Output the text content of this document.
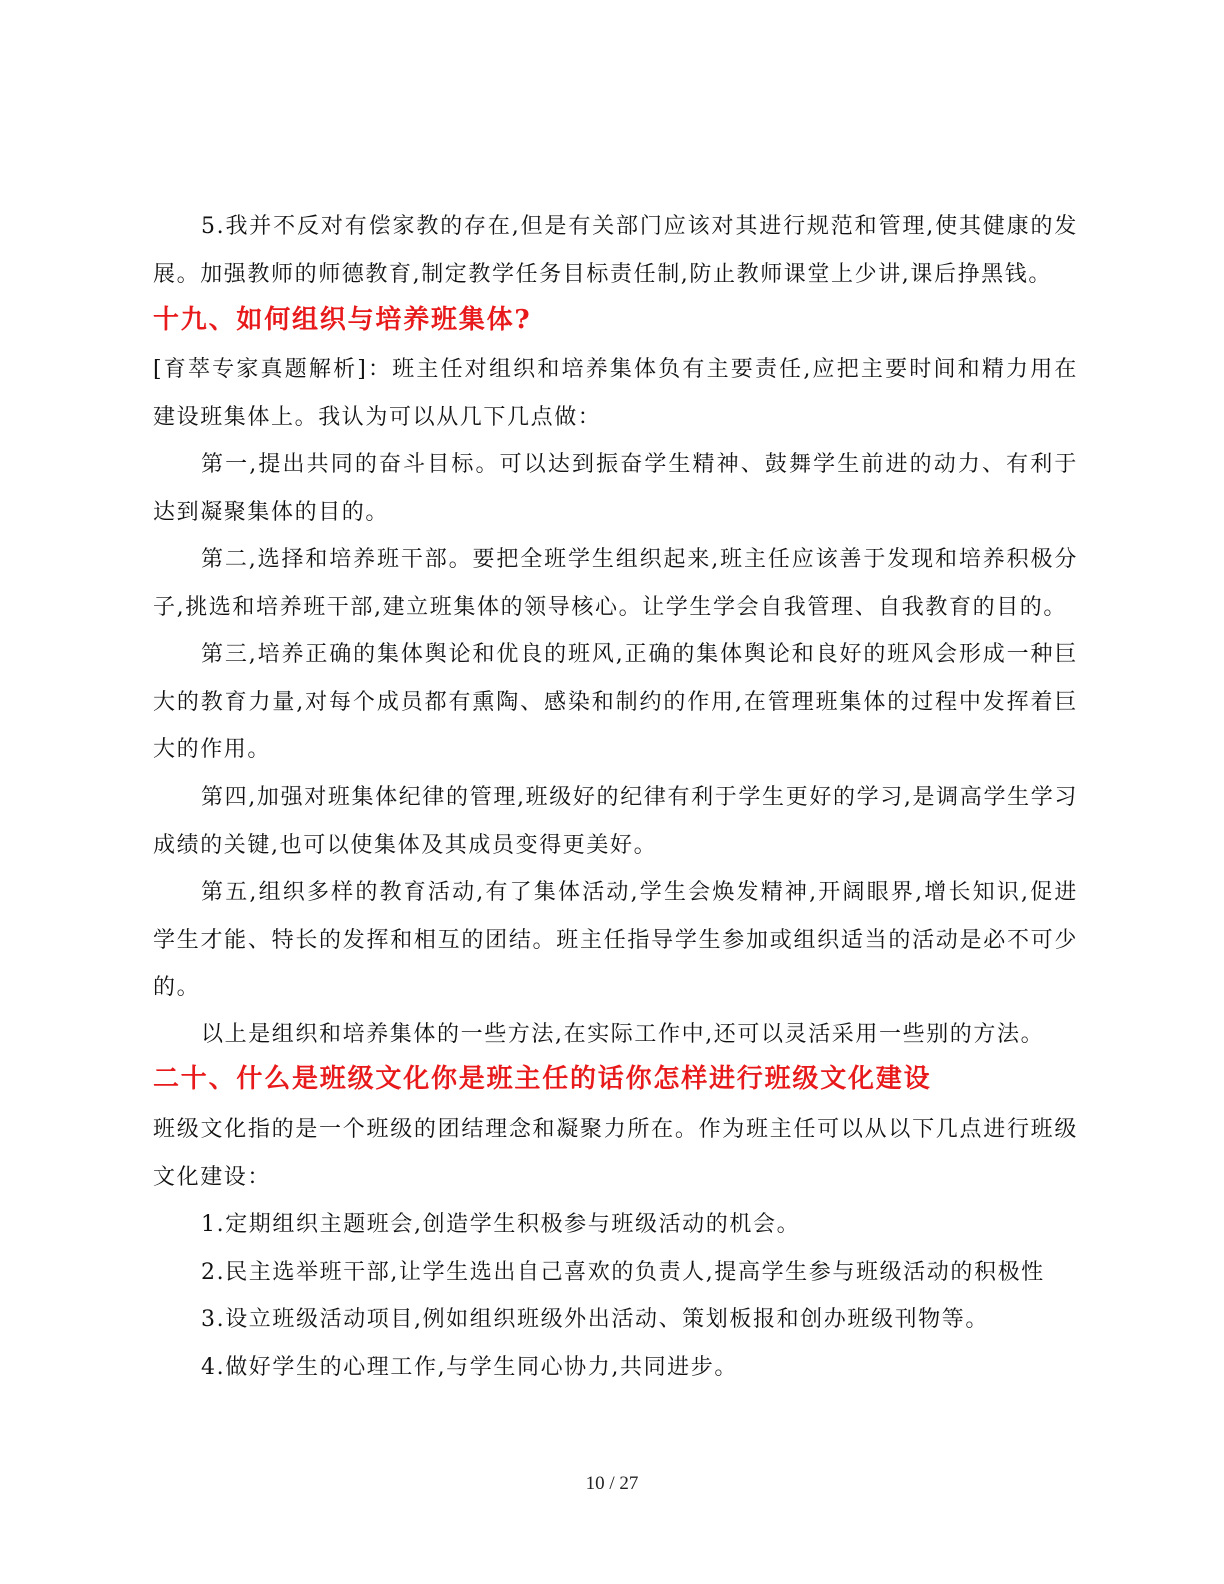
5.我并不反对有偿家教的存在,但是有关部门应该对其进行规范和管理,使其健康的发展。加强教师的师德教育,制定教学任务目标责任制,防止教师课堂上少讲,课后挣黑钱。

十九、如何组织与培养班集体?

[育萃专家真题解析]：班主任对组织和培养集体负有主要责任,应把主要时间和精力用在建设班集体上。我认为可以从几下几点做：

第一,提出共同的奋斗目标。可以达到振奋学生精神、鼓舞学生前进的动力、有利于达到凝聚集体的目的。

第二,选择和培养班干部。要把全班学生组织起来,班主任应该善于发现和培养积极分子,挑选和培养班干部,建立班集体的领导核心。让学生学会自我管理、自我教育的目的。

第三,培养正确的集体舆论和优良的班风,正确的集体舆论和良好的班风会形成一种巨大的教育力量,对每个成员都有熏陶、感染和制约的作用,在管理班集体的过程中发挥着巨大的作用。

第四,加强对班集体纪律的管理,班级好的纪律有利于学生更好的学习,是调高学生学习成绩的关键,也可以使集体及其成员变得更美好。

第五,组织多样的教育活动,有了集体活动,学生会焕发精神,开阔眼界,增长知识,促进学生才能、特长的发挥和相互的团结。班主任指导学生参加或组织适当的活动是必不可少的。

以上是组织和培养集体的一些方法,在实际工作中,还可以灵活采用一些别的方法。

二十、什么是班级文化你是班主任的话你怎样进行班级文化建设

班级文化指的是一个班级的团结理念和凝聚力所在。作为班主任可以从以下几点进行班级文化建设：

1.定期组织主题班会,创造学生积极参与班级活动的机会。

2.民主选举班干部,让学生选出自己喜欢的负责人,提高学生参与班级活动的积极性

3.设立班级活动项目,例如组织班级外出活动、策划板报和创办班级刊物等。

4.做好学生的心理工作,与学生同心协力,共同进步。

10 / 27
